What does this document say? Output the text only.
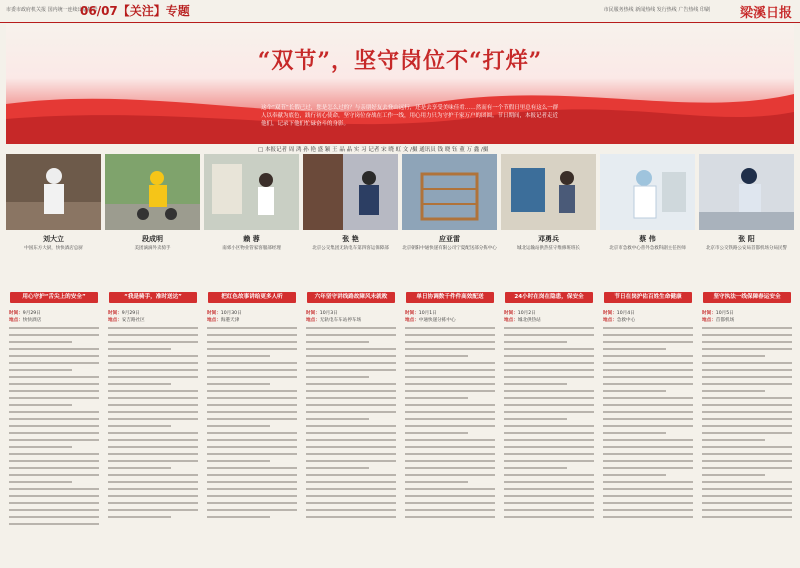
市委市政府机关报 国内统一连续出版物号
06/07【关注】专题	市民服务热线 新闻热线 发行热线 广告热线 印刷 梁溪日报
“双节”，坚守岗位不“打烊”
这个“双节”长假已过，您是怎么过的？与亲朋好友去登山远行，还是去享受美味佳肴……然而有一个节假日里总有这么一群人以奉献为底色，践行初心使命，坚守岗位奋战在工作一线，用心用力只为守护千家万户的团圆。节日期间，本报记者走近他们，记录下他们忙碌奋斗的身影。
□ 本报记者 周 鸿 孙 艳 盛 颖 王 晶 晶 实 习 记者 宋 晓 虹 文 /摄 通讯员 钱 晓 钰 董 万 鑫 /摄
刘大立
中国东方大厨，快快酒店总厨
段成明
美团滴滴外卖骑手
赖 蓉
南郊小区物业管家客服部经理
张 艳
北京公交集团无轨电车第四客运保障部
应亚雷
北京朝阳中通快递有限公司宁夏配送部分拣中心
邓勇兵
城北运输站供热驻守维修班班长
蔡 伟
北京市急救中心普外急救科副主任医师
张 阳
北京市公交铁路公安局首都机场分局民警
用心守护“舌尖上的安全”	“我是骑手，准时送达”	把红色故事讲给更多人听	六年坚守讲线路故障风未就败	单日协调数千件件高效配送	24小时在岗在隐患，保安全	节日在岗护佑百姓生命健康	坚守执法一线保障春运安全
时间：9月29日
地点：快快酒店
时间：9月29日
地点：安吉路社区
时间：10月30日
地点：海港天津
时间：10月3日
地点：无轨电车车站停车场
时间：10月1日
地点：中通快递分拣中心
时间：10月2日
地点：城北供热站
时间：10月4日
地点：急救中心
时间：10月5日
地点：首都机场
